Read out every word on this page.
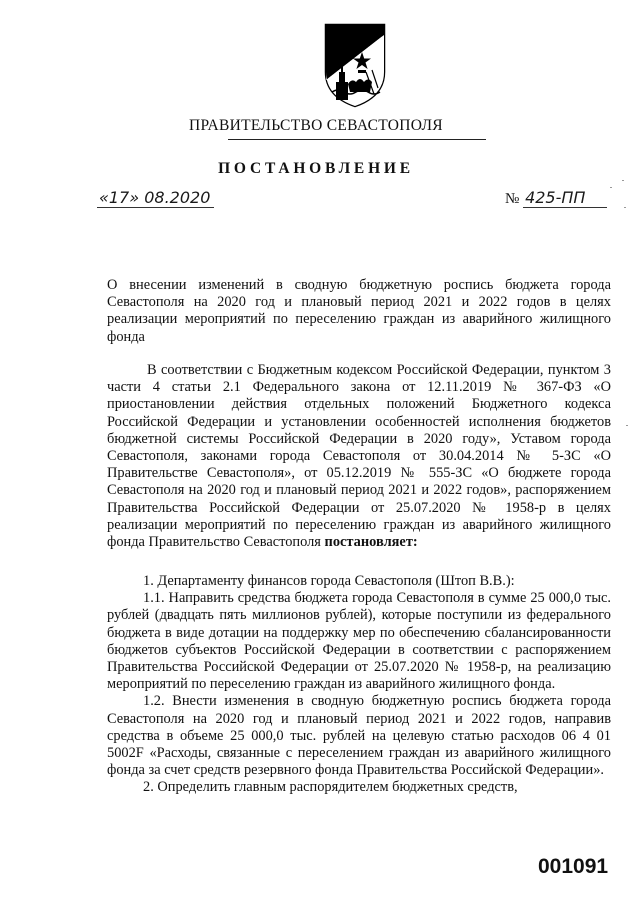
ПРАВИТЕЛЬСТВО СЕВАСТОПОЛЯ
ПОСТАНОВЛЕНИЕ
«17» 08.2020	№ 425-ПП
О внесении изменений в сводную бюджетную роспись бюджета города Севастополя на 2020 год и плановый период 2021 и 2022 годов в целях реализации мероприятий по переселению граждан из аварийного жилищного фонда

В соответствии с Бюджетным кодексом Российской Федерации, пунктом 3 части 4 статьи 2.1 Федерального закона от 12.11.2019 № 367-ФЗ «О приостановлении действия отдельных положений Бюджетного кодекса Российской Федерации и установлении особенностей исполнения бюджетов бюджетной системы Российской Федерации в 2020 году», Уставом города Севастополя, законами города Севастополя от 30.04.2014 № 5-ЗС «О Правительстве Севастополя», от 05.12.2019 № 555-ЗС «О бюджете города Севастополя на 2020 год и плановый период 2021 и 2022 годов», распоряжением Правительства Российской Федерации от 25.07.2020 № 1958-р в целях реализации мероприятий по переселению граждан из аварийного жилищного фонда Правительство Севастополя постановляет:

1. Департаменту финансов города Севастополя (Штоп В.В.):

1.1. Направить средства бюджета города Севастополя в сумме 25 000,0 тыс. рублей (двадцать пять миллионов рублей), которые поступили из федерального бюджета в виде дотации на поддержку мер по обеспечению сбалансированности бюджетов субъектов Российской Федерации в соответствии с распоряжением Правительства Российской Федерации от 25.07.2020 № 1958-р, на реализацию мероприятий по переселению граждан из аварийного жилищного фонда.

1.2. Внести изменения в сводную бюджетную роспись бюджета города Севастополя на 2020 год и плановый период 2021 и 2022 годов, направив средства в объеме 25 000,0 тыс. рублей на целевую статью расходов 06 4 01 5002F «Расходы, связанные с переселением граждан из аварийного жилищного фонда за счет средств резервного фонда Правительства Российской Федерации».

2. Определить главным распорядителем бюджетных средств,

001091
